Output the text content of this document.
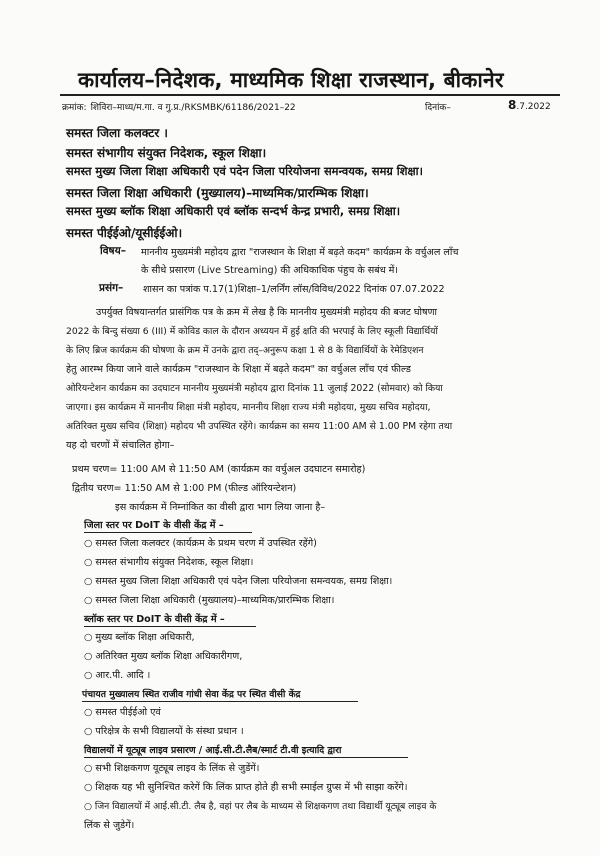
कार्यालय–निदेशक, माध्यमिक शिक्षा राजस्थान, बीकानेर
क्रमांक: शिविरा–माध्य/म.गा. व गु.प्र./RKSMBK/61186/2021–22	दिनांक–	8.7.2022
समस्त जिला कलक्टर ।
समस्त संभागीय संयुक्त निदेशक, स्कूल शिक्षा।
समस्त मुख्य जिला शिक्षा अधिकारी एवं पदेन जिला परियोजना समन्वयक, समग्र शिक्षा।
समस्त जिला शिक्षा अधिकारी (मुख्यालय)–माध्यमिक/प्रारम्भिक शिक्षा।
समस्त मुख्य ब्लॉक शिक्षा अधिकारी एवं ब्लॉक सन्दर्भ केन्द्र प्रभारी, समग्र शिक्षा।
समस्त पीईईओ/यूसीईईओ।
विषय– माननीय मुख्यमंत्री महोदय द्वारा "राजस्थान के शिक्षा में बढ़ते कदम" कार्यक्रम के वर्चुअल लॉंच
के सीधे प्रसारण (Live Streaming) की अधिकाधिक पंहुच के सबंध में।
प्रसंग– शासन का पत्रांक प.17(1)शिक्षा–1/लर्निंग लॉस/विविध/2022 दिनांक 07.07.2022
उपर्युक्त विषयान्तर्गत प्रासंगिक पत्र के क्रम में लेख है कि माननीय मुख्यमंत्री महोदय की बजट घोषणा
2022 के बिन्दु संख्या 6 (III) में कोविड काल के दौरान अध्ययन में हुई क्षति की भरपाई के लिए स्कूली विद्यार्थियों
के लिए ब्रिज कार्यक्रम की घोषणा के क्रम में उनके द्वारा तद्–अनुरूप कक्षा 1 से 8 के विद्यार्थियों के रेमेडिएशन
हेतु आरम्भ किया जाने वाले कार्यक्रम "राजस्थान के शिक्षा में बढ़ते कदम" का वर्चुअल लॉंच एवं फील्ड
ओरियन्टेशन कार्यक्रम का उदघाटन माननीय मुख्यमंत्री महोदय द्वारा दिनांक 11 जुलाई 2022 (सोमवार) को किया
जाएगा। इस कार्यक्रम में माननीय शिक्षा मंत्री महोदय, माननीय शिक्षा राज्य मंत्री महोदया, मुख्य सचिव महोदया,
अतिरिक्त मुख्य सचिव (शिक्षा) महोदय भी उपस्थित रहेंगे। कार्यक्रम का समय 11:00 AM से 1.00 PM रहेगा तथा
यह दो चरणों में संचालित होगा–
प्रथम चरण= 11:00 AM से 11:50 AM (कार्यक्रम का वर्चुअल उदघाटन समारोह)
द्वितीय चरण= 11:50 AM से 1:00 PM (फील्ड ऑरियन्टेशन)
इस कार्यक्रम में निम्नांकित का वीसी द्वारा भाग लिया जाना है–
जिला स्तर पर DoIT के वीसी केंद्र में –
○ समस्त जिला कलक्टर (कार्यक्रम के प्रथम चरण में उपस्थित रहेंगे)
○ समस्त संभागीय संयुक्त निदेशक, स्कूल शिक्षा।
○ समस्त मुख्य जिला शिक्षा अधिकारी एवं पदेन जिला परियोजना समन्वयक, समग्र शिक्षा।
○ समस्त जिला शिक्षा अधिकारी (मुख्यालय)–माध्यमिक/प्रारम्भिक शिक्षा।
ब्लॉक स्तर पर DoIT के वीसी केंद्र में –
○ मुख्य ब्लॉक शिक्षा अधिकारी,
○ अतिरिक्त मुख्य ब्लॉक शिक्षा अधिकारीगण,
○ आर.पी. आदि ।
पंचायत मुख्यालय स्थित राजीव गांधी सेवा केंद्र पर स्थित वीसी केंद्र
○ समस्त पीईईओ एवं
○ परिक्षेत्र के सभी विद्यालयों के संस्था प्रधान ।
विद्यालयों में यूट्यूब लाइव प्रसारण / आई.सी.टी.लैब/स्मार्ट टी.वी इत्यादि द्वारा
○ सभी शिक्षकगण यूट्यूब लाइव के लिंक से जुडेंगें।
○ शिक्षक यह भी सुनिश्चित करेगें कि लिंक प्राप्त होते ही सभी स्माईल ग्रुप्स में भी साझा करेंगे।
○ जिन विद्यालयों में आई.सी.टी. लैब है, वहां पर लैब के माध्यम से शिक्षकगण तथा विद्यार्थी यूट्यूब लाइव के
लिंक से जुडेगें।
